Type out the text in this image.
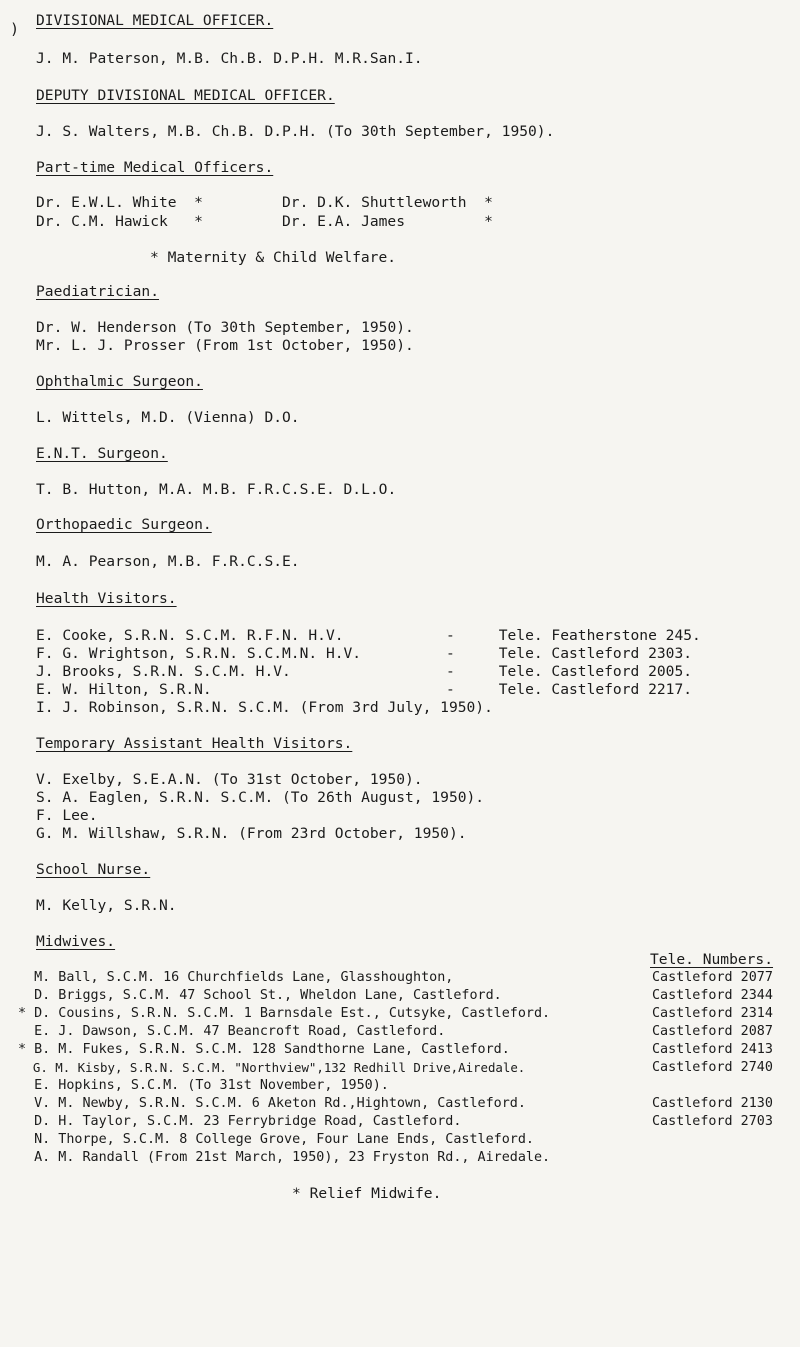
) DIVISIONAL MEDICAL OFFICER.
J. M. Paterson, M.B. Ch.B. D.P.H. M.R.San.I.
DEPUTY DIVISIONAL MEDICAL OFFICER.
J. S. Walters, M.B. Ch.B. D.P.H. (To 30th September, 1950).
Part-time Medical Officers.
Dr. E.W.L. White  *	Dr. D.K. Shuttleworth  *
Dr. C.M. Hawick   *	Dr. E.A. James         *
* Maternity & Child Welfare.
Paediatrician.
Dr. W. Henderson (To 30th September, 1950).
Mr. L. J. Prosser (From 1st October, 1950).
Ophthalmic Surgeon.
L. Wittels, M.D. (Vienna) D.O.
E.N.T. Surgeon.
T. B. Hutton, M.A. M.B. F.R.C.S.E. D.L.O.
Orthopaedic Surgeon.
M. A. Pearson, M.B. F.R.C.S.E.
Health Visitors.
E. Cooke, S.R.N. S.C.M. R.F.N. H.V.	-     Tele. Featherstone 245.
F. G. Wrightson, S.R.N. S.C.M.N. H.V.	-     Tele. Castleford 2303.
J. Brooks, S.R.N. S.C.M. H.V.	-     Tele. Castleford 2005.
E. W. Hilton, S.R.N.	-     Tele. Castleford 2217.
I. J. Robinson, S.R.N. S.C.M. (From 3rd July, 1950).
Temporary Assistant Health Visitors.
V. Exelby, S.E.A.N. (To 31st October, 1950).
S. A. Eaglen, S.R.N. S.C.M. (To 26th August, 1950).
F. Lee.
G. M. Willshaw, S.R.N. (From 23rd October, 1950).
School Nurse.
M. Kelly, S.R.N.
Midwives.
Tele. Numbers.
M. Ball, S.C.M. 16 Churchfields Lane, Glasshoughton,	Castleford 2077
D. Briggs, S.C.M. 47 School St., Wheldon Lane, Castleford.	Castleford 2344
* D. Cousins, S.R.N. S.C.M. 1 Barnsdale Est., Cutsyke, Castleford.	Castleford 2314
E. J. Dawson, S.C.M. 47 Beancroft Road, Castleford.	Castleford 2087
* B. M. Fukes, S.R.N. S.C.M. 128 Sandthorne Lane, Castleford.	Castleford 2413
G. M. Kisby, S.R.N. S.C.M. "Northview",132 Redhill Drive,Airedale.	Castleford 2740
E. Hopkins, S.C.M. (To 31st November, 1950).
V. M. Newby, S.R.N. S.C.M. 6 Aketon Rd.,Hightown, Castleford.	Castleford 2130
D. H. Taylor, S.C.M. 23 Ferrybridge Road, Castleford.	Castleford 2703
N. Thorpe, S.C.M. 8 College Grove, Four Lane Ends, Castleford.
A. M. Randall (From 21st March, 1950), 23 Fryston Rd., Airedale.
* Relief Midwife.
